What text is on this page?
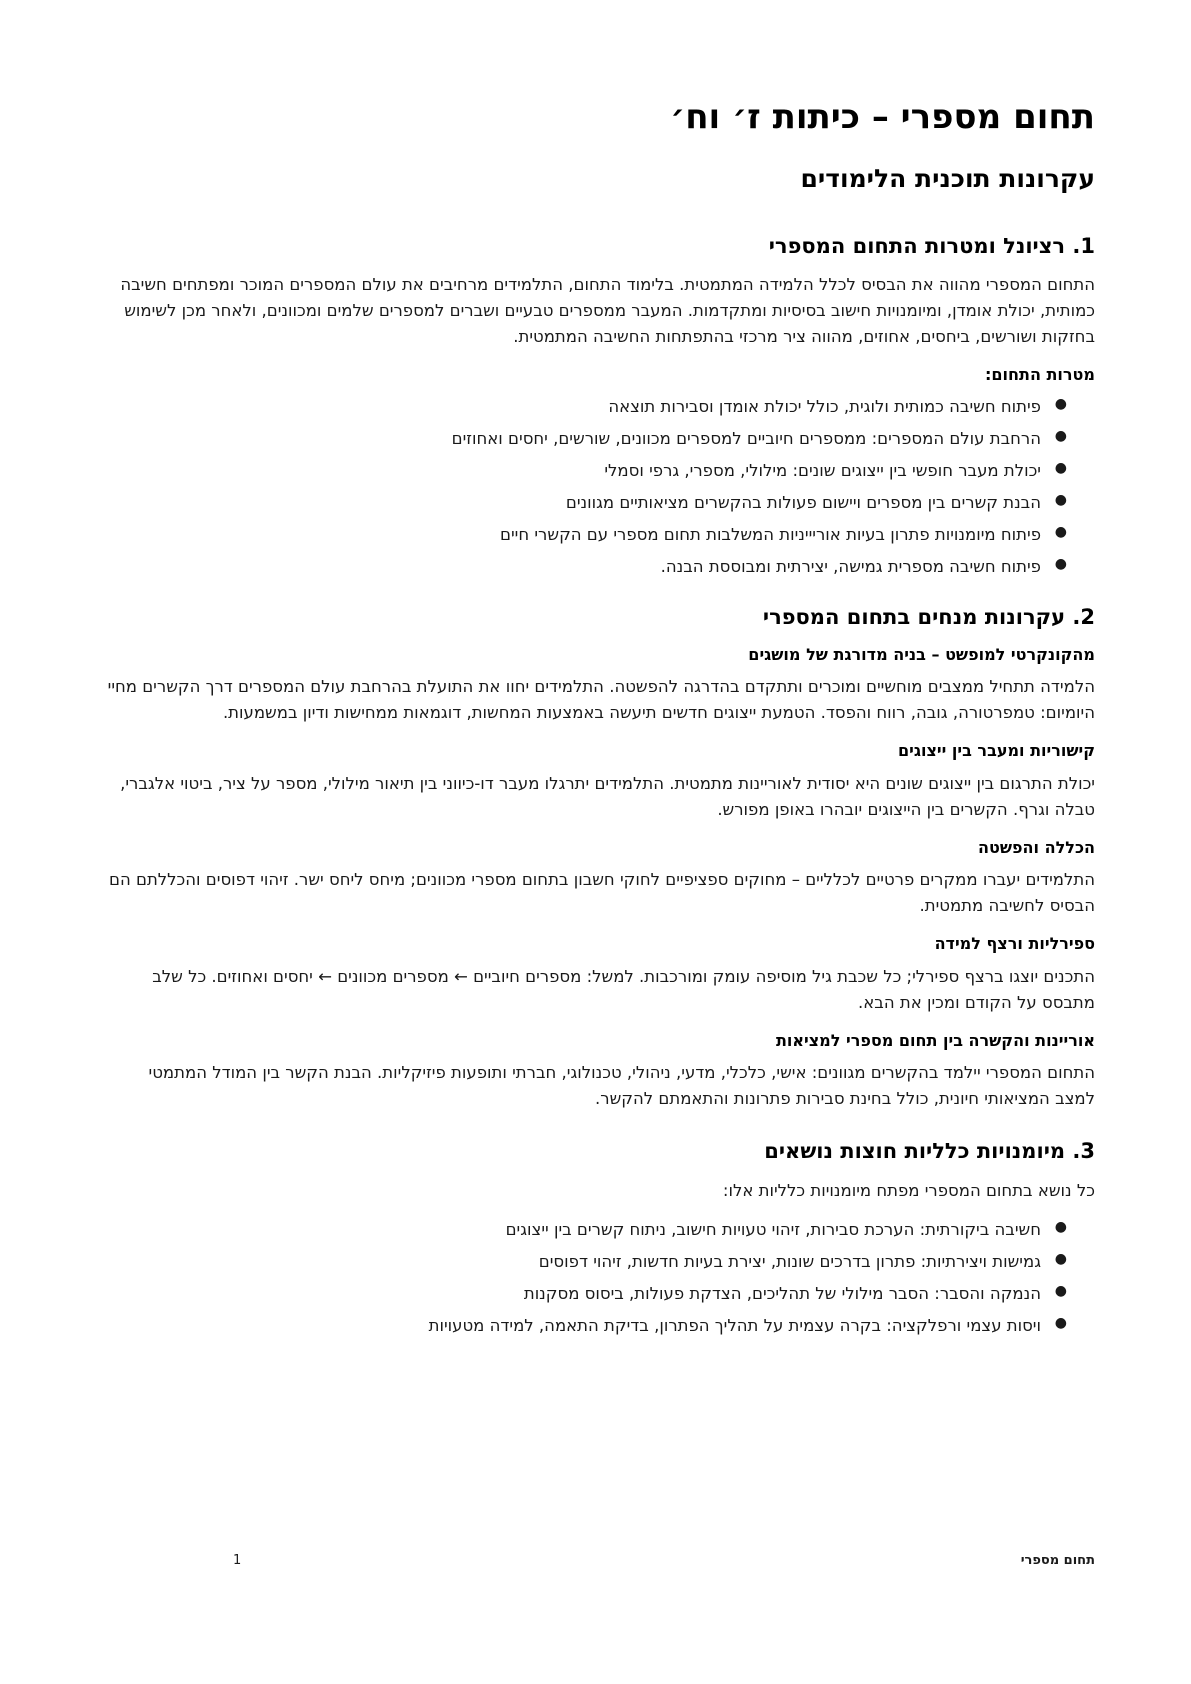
תחום מספרי – כיתות ז׳ וח׳
עקרונות תוכנית הלימודים
1. רציונל ומטרות התחום המספרי

התחום המספרי מהווה את הבסיס לכלל הלמידה המתמטית. בלימוד התחום, התלמידים מרחיבים את עולם המספרים המוכר ומפתחים חשיבה כמותית, יכולת אומדן, ומיומנויות חישוב בסיסיות ומתקדמות. המעבר ממספרים טבעיים ושברים למספרים שלמים ומכוונים, ולאחר מכן לשימוש בחזקות ושורשים, ביחסים, אחוזים, מהווה ציר מרכזי בהתפתחות החשיבה המתמטית.

מטרות התחום:
●
פיתוח חשיבה כמותית ולוגית, כולל יכולת אומדן וסבירות תוצאה
●
הרחבת עולם המספרים: ממספרים חיוביים למספרים מכוונים, שורשים, יחסים ואחוזים
●
יכולת מעבר חופשי בין ייצוגים שונים: מילולי, מספרי, גרפי וסמלי
●
הבנת קשרים בין מספרים ויישום פעולות בהקשרים מציאותיים מגוונים
●
פיתוח מיומנויות פתרון בעיות אוריייניות המשלבות תחום מספרי עם הקשרי חיים
●
פיתוח חשיבה מספרית גמישה, יצירתית ומבוססת הבנה.
2. עקרונות מנחים בתחום המספרי
מהקונקרטי למופשט – בניה מדורגת של מושגים

הלמידה תתחיל ממצבים מוחשיים ומוכרים ותתקדם בהדרגה להפשטה. התלמידים יחוו את התועלת בהרחבת עולם המספרים דרך הקשרים מחיי היומיום: טמפרטורה, גובה, רווח והפסד. הטמעת ייצוגים חדשים תיעשה באמצעות המחשות, דוגמאות ממחישות ודיון במשמעות.

קישוריות ומעבר בין ייצוגים

יכולת התרגום בין ייצוגים שונים היא יסודית לאוריינות מתמטית. התלמידים יתרגלו מעבר דו-כיווני בין תיאור מילולי, מספר על ציר, ביטוי אלגברי, טבלה וגרף. הקשרים בין הייצוגים יובהרו באופן מפורש.

הכללה והפשטה

התלמידים יעברו ממקרים פרטיים לכלליים – מחוקים ספציפיים לחוקי חשבון בתחום מספרי מכוונים; מיחס ליחס ישר. זיהוי דפוסים והכללתם הם הבסיס לחשיבה מתמטית.

ספירליות ורצף למידה

התכנים יוצגו ברצף ספירלי; כל שכבת גיל מוסיפה עומק ומורכבות. למשל: מספרים חיוביים ← מספרים מכוונים ← יחסים ואחוזים. כל שלב מתבסס על הקודם ומכין את הבא.

אוריינות והקשרה בין תחום מספרי למציאות

התחום המספרי יילמד בהקשרים מגוונים: אישי, כלכלי, מדעי, ניהולי, טכנולוגי, חברתי ותופעות פיזיקליות. הבנת הקשר בין המודל המתמטי למצב המציאותי חיונית, כולל בחינת סבירות פתרונות והתאמתם להקשר.

3. מיומנויות כלליות חוצות נושאים

כל נושא בתחום המספרי מפתח מיומנויות כלליות אלו:

●
חשיבה ביקורתית: הערכת סבירות, זיהוי טעויות חישוב, ניתוח קשרים בין ייצוגים
●
גמישות ויצירתיות: פתרון בדרכים שונות, יצירת בעיות חדשות, זיהוי דפוסים
●
הנמקה והסבר: הסבר מילולי של תהליכים, הצדקת פעולות, ביסוס מסקנות
●
ויסות עצמי ורפלקציה: בקרה עצמית על תהליך הפתרון, בדיקת התאמה, למידה מטעויות
תחום מספרי
1
